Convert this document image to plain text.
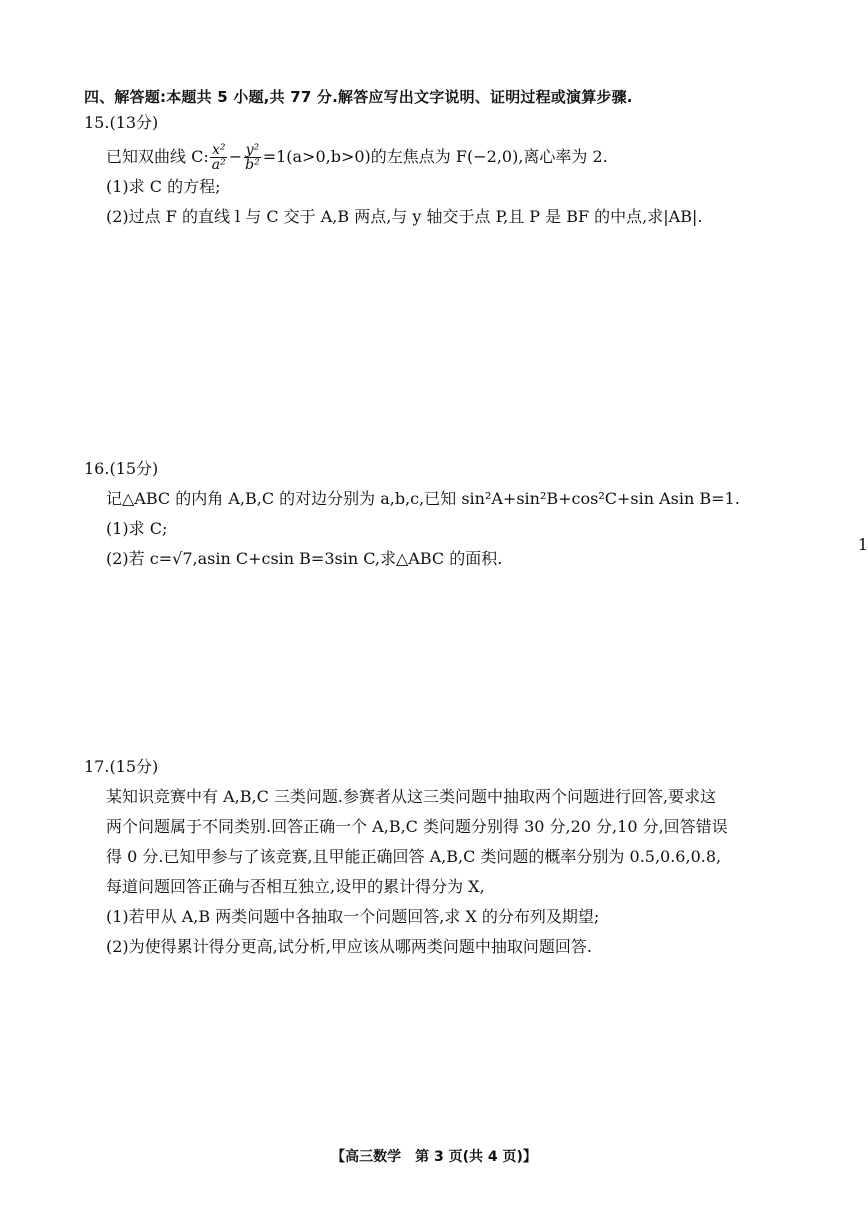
四、解答题:本题共 5 小题,共 77 分.解答应写出文字说明、证明过程或演算步骤.
15.(13分)
已知双曲线 C: $\frac{\text{x²}}{\text{a²}} - \frac{\text{y²}}{\text{b²}} =1(a>0,b>0)$的左焦点为 F(−2,0),离心率为 2.
(1)求 C 的方程;
(2)过点 F 的直线 l 与 C 交于 A,B 两点,与 y 轴交于点 P,且 P 是 BF 的中点,求|AB|.
16.(15分)
记△ABC 的内角 A,B,C 的对边分别为 a,b,c,已知 sin²A+sin²B+cos²C+sin Asin B=1.
(1)求 C;
(2)若 c=√7,asin C+csin B=3sin C,求△ABC 的面积.
1
17.(15分)
某知识竞赛中有 A,B,C 三类问题.参赛者从这三类问题中抽取两个问题进行回答,要求这
两个问题属于不同类别.回答正确一个 A,B,C 类问题分别得 30 分,20 分,10 分,回答错误
得 0 分.已知甲参与了该竞赛,且甲能正确回答 A,B,C 类问题的概率分别为 0.5,0.6,0.8,
每道问题回答正确与否相互独立,设甲的累计得分为 X,
(1)若甲从 A,B 两类问题中各抽取一个问题回答,求 X 的分布列及期望;
(2)为使得累计得分更高,试分析,甲应该从哪两类问题中抽取问题回答.
【高三数学　第 3 页(共 4 页)】
